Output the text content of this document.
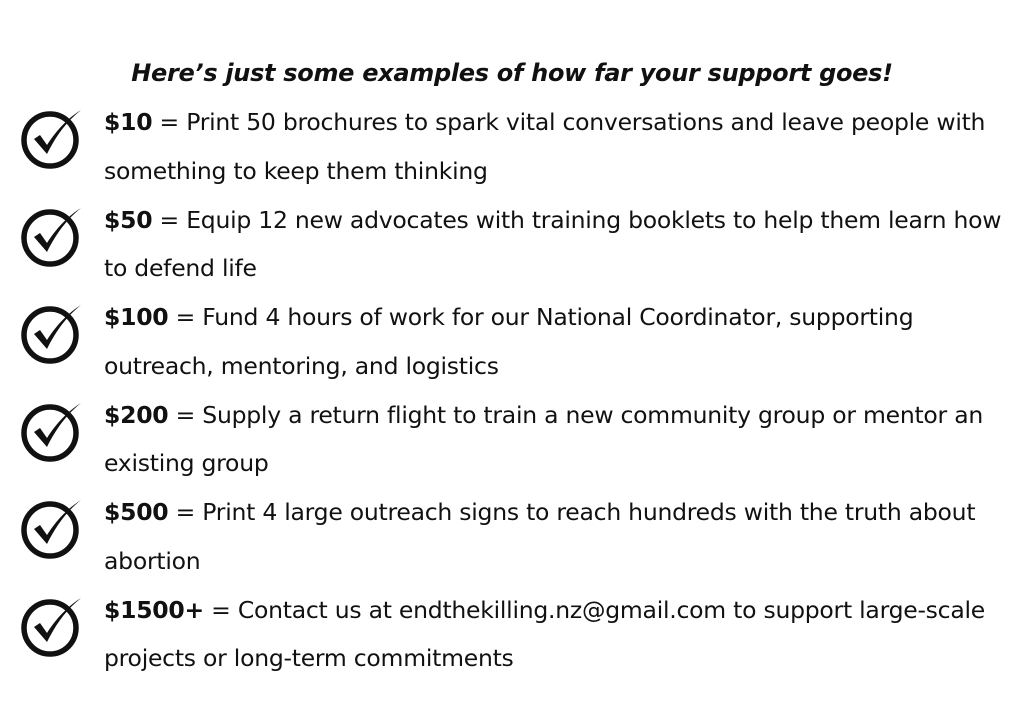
Here’s just some examples of how far your support goes!

$10 = Print 50 brochures to spark vital conversations and leave people with something to keep them thinking

$50 = Equip 12 new advocates with training booklets to help them learn how to defend life

$100 = Fund 4 hours of work for our National Coordinator, supporting outreach, mentoring, and logistics

$200 = Supply a return flight to train a new community group or mentor an existing group

$500 = Print 4 large outreach signs to reach hundreds with the truth about abortion

$1500+ = Contact us at endthekilling.nz@gmail.com to support large-scale projects or long-term commitments
